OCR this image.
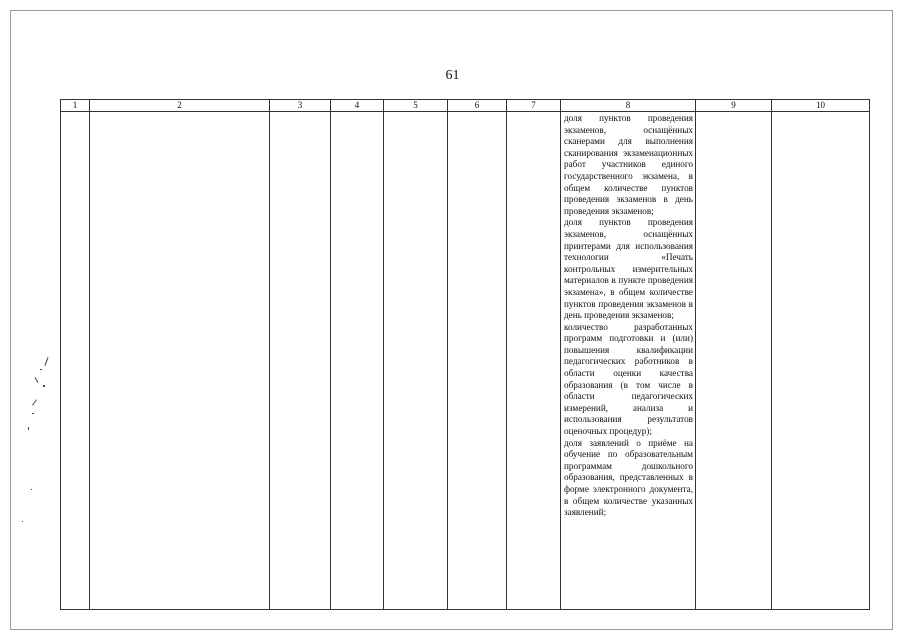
61
1	2	3	4	5	6	7	8	9	10

							доля пунктов проведения экзаменов, оснащённых сканерами для выполнения сканирования экзаменационных работ участников единого государственного экзамена, в общем количестве пунктов проведения экзаменов в день проведения экзаменов;

доля пунктов проведения экзаменов, оснащённых принтерами для использования технологии «Печать контрольных измерительных материалов в пункте проведения экзамена», в общем количестве пунктов проведения экзаменов в день проведения экзаменов;

количество разработанных программ подготовки и (или) повышения квалификации педагогических работников в области оценки качества образования (в том числе в области педагогических измерений, анализа и использования результатов оценочных процедур);

доля заявлений о приёме на обучение по образовательным программам дошкольного образования, представленных в форме электронного документа, в общем количестве указанных заявлений;		
